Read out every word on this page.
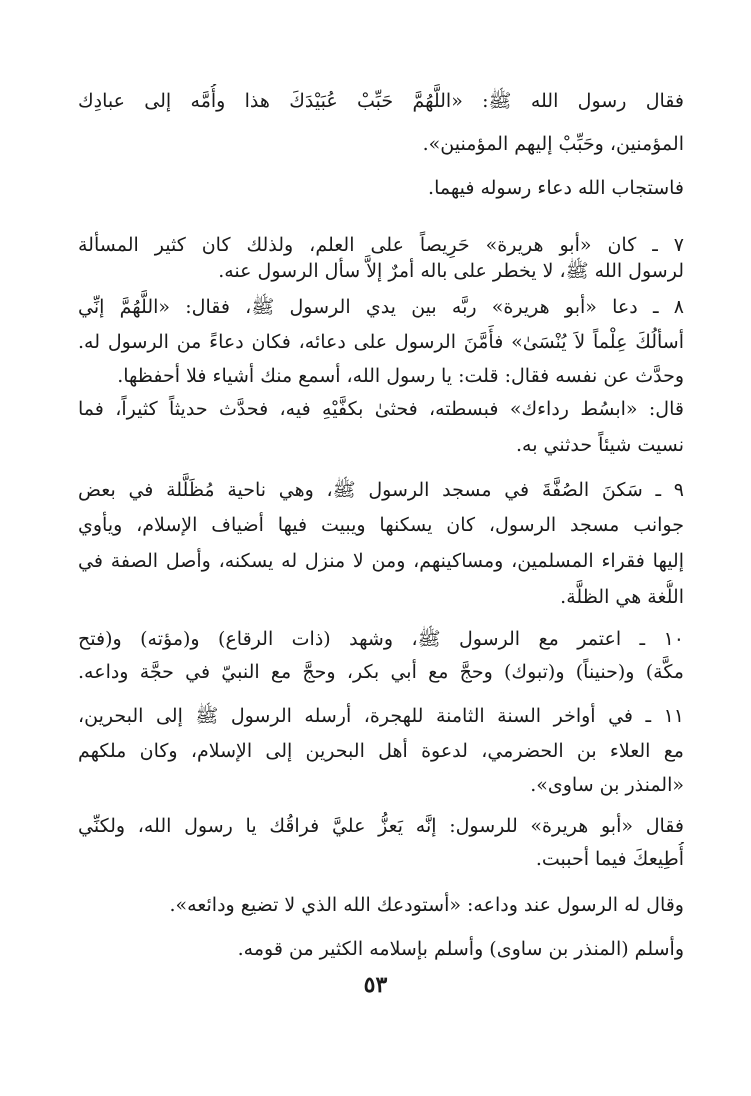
فقال رسول الله ﷺ: «اللَّهُمَّ حَبِّبْ عُبَيْدَكَ هذا وأُمَّه إلى عبادِك
المؤمنين، وحَبِّبْ إليهم المؤمنين».
فاستجاب الله دعاء رسوله فيهما.
٧ ـ كان «أبو هريرة» حَرِيصاً على العلم، ولذلك كان كثير المسألة
لرسول الله ﷺ، لا يخطر على باله أمرٌ إلاَّ سأل الرسول عنه.
٨ ـ دعا «أبو هريرة» ربَّه بين يدي الرسول ﷺ، فقال: «اللَّهُمَّ إنِّي
أسألُكَ عِلْماً لاَ يُنْسَىٰ» فأَمَّنَ الرسول على دعائه، فكان دعاءً من الرسول له.
وحدَّث عن نفسه فقال: قلت: يا رسول الله، أسمع منك أشياء فلا أحفظها.
قال: «ابسُط رداءك» فبسطته، فحثىٰ بكفَّيْهِ فيه، فحدَّث حديثاً كثيراً، فما
نسيت شيئاً حدثني به.
٩ ـ سَكنَ الصُفَّةَ في مسجد الرسول ﷺ، وهي ناحية مُظَلَّلة في بعض
جوانب مسجد الرسول، كان يسكنها ويبيت فيها أضياف الإسلام، ويأوي
إليها فقراء المسلمين، ومساكينهم، ومن لا منزل له يسكنه، وأصل الصفة في
اللُّغة هي الظلَّة.
١٠ ـ اعتمر مع الرسول ﷺ، وشهد (ذات الرقاع) و(مؤته) و(فتح
مكَّة) و(حنيناً) و(تبوك) وحجَّ مع أبي بكر، وحجَّ مع النبيّ في حجَّة وداعه.
١١ ـ في أواخر السنة الثامنة للهجرة، أرسله الرسول ﷺ إلى البحرين،
مع العلاء بن الحضرمي، لدعوة أهل البحرين إلى الإسلام، وكان ملكهم
«المنذر بن ساوى».
فقال «أبو هريرة» للرسول: إنَّه يَعزُّ عليَّ فراقُك يا رسول الله، ولكنِّي
أُطِيعكَ فيما أحببت.
وقال له الرسول عند وداعه: «أستودعك الله الذي لا تضيع ودائعه».
وأسلم (المنذر بن ساوى) وأسلم بإسلامه الكثير من قومه.
٥٣
